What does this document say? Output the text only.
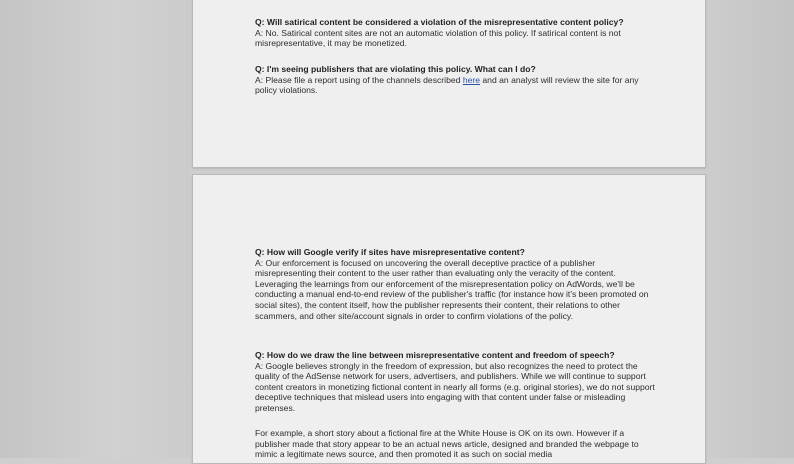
Q: Will satirical content be considered a violation of the misrepresentative content policy?

A: No. Satirical content sites are not an automatic violation of this policy. If satirical content is not misrepresentative, it may be monetized.

Q: I'm seeing publishers that are violating this policy. What can I do?

A: Please file a report using of the channels described here and an analyst will review the site for any policy violations.

Q: How will Google verify if sites have misrepresentative content?

A: Our enforcement is focused on uncovering the overall deceptive practice of a publisher misrepresenting their content to the user rather than evaluating only the veracity of the content. Leveraging the learnings from our enforcement of the misrepresentation policy on AdWords, we'll be conducting a manual end-to-end review of the publisher's traffic (for instance how it's been promoted on social sites), the content itself, how the publisher represents their content, their relations to other scammers, and other site/account signals in order to confirm violations of the policy.

Q: How do we draw the line between misrepresentative content and freedom of speech?

A: Google believes strongly in the freedom of expression, but also recognizes the need to protect the quality of the AdSense network for users, advertisers, and publishers. While we will continue to support content creators in monetizing fictional content in nearly all forms (e.g. original stories), we do not support deceptive techniques that mislead users into engaging with that content under false or misleading pretenses.

For example, a short story about a fictional fire at the White House is OK on its own. However if a publisher made that story appear to be an actual news article, designed and branded the webpage to mimic a legitimate news source, and then promoted it as such on social media
